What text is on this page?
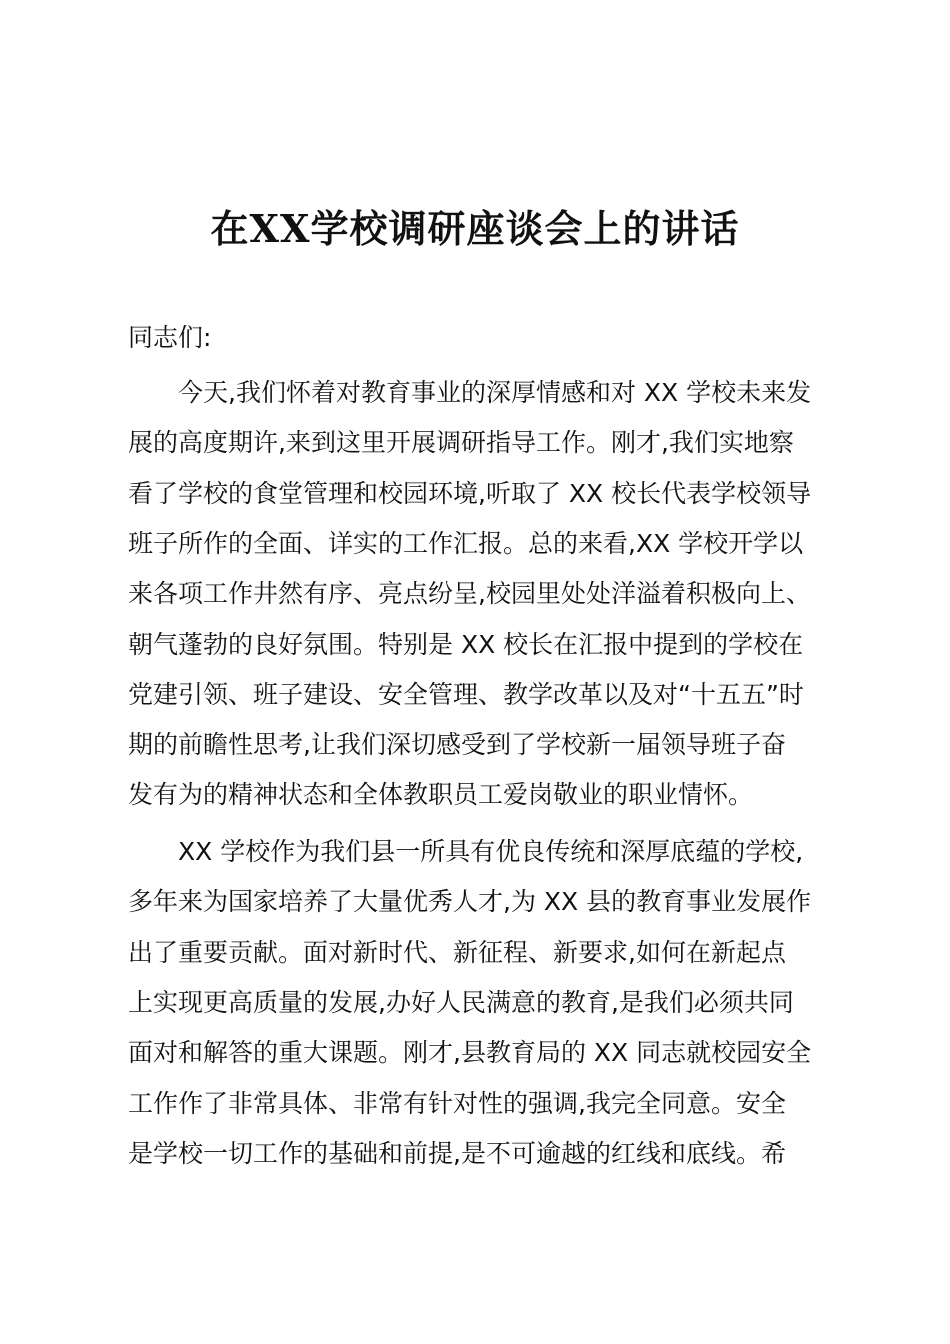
在XX学校调研座谈会上的讲话
同志们:
今天,我们怀着对教育事业的深厚情感和对 XX 学校未来发
展的高度期许,来到这里开展调研指导工作。刚才,我们实地察
看了学校的食堂管理和校园环境,听取了 XX 校长代表学校领导
班子所作的全面、详实的工作汇报。总的来看,XX 学校开学以
来各项工作井然有序、亮点纷呈,校园里处处洋溢着积极向上、
朝气蓬勃的良好氛围。特别是 XX 校长在汇报中提到的学校在
党建引领、班子建设、安全管理、教学改革以及对“十五五”时
期的前瞻性思考,让我们深切感受到了学校新一届领导班子奋
发有为的精神状态和全体教职员工爱岗敬业的职业情怀。
XX 学校作为我们县一所具有优良传统和深厚底蕴的学校,
多年来为国家培养了大量优秀人才,为 XX 县的教育事业发展作
出了重要贡献。面对新时代、新征程、新要求,如何在新起点
上实现更高质量的发展,办好人民满意的教育,是我们必须共同
面对和解答的重大课题。刚才,县教育局的 XX 同志就校园安全
工作作了非常具体、非常有针对性的强调,我完全同意。安全
是学校一切工作的基础和前提,是不可逾越的红线和底线。希
